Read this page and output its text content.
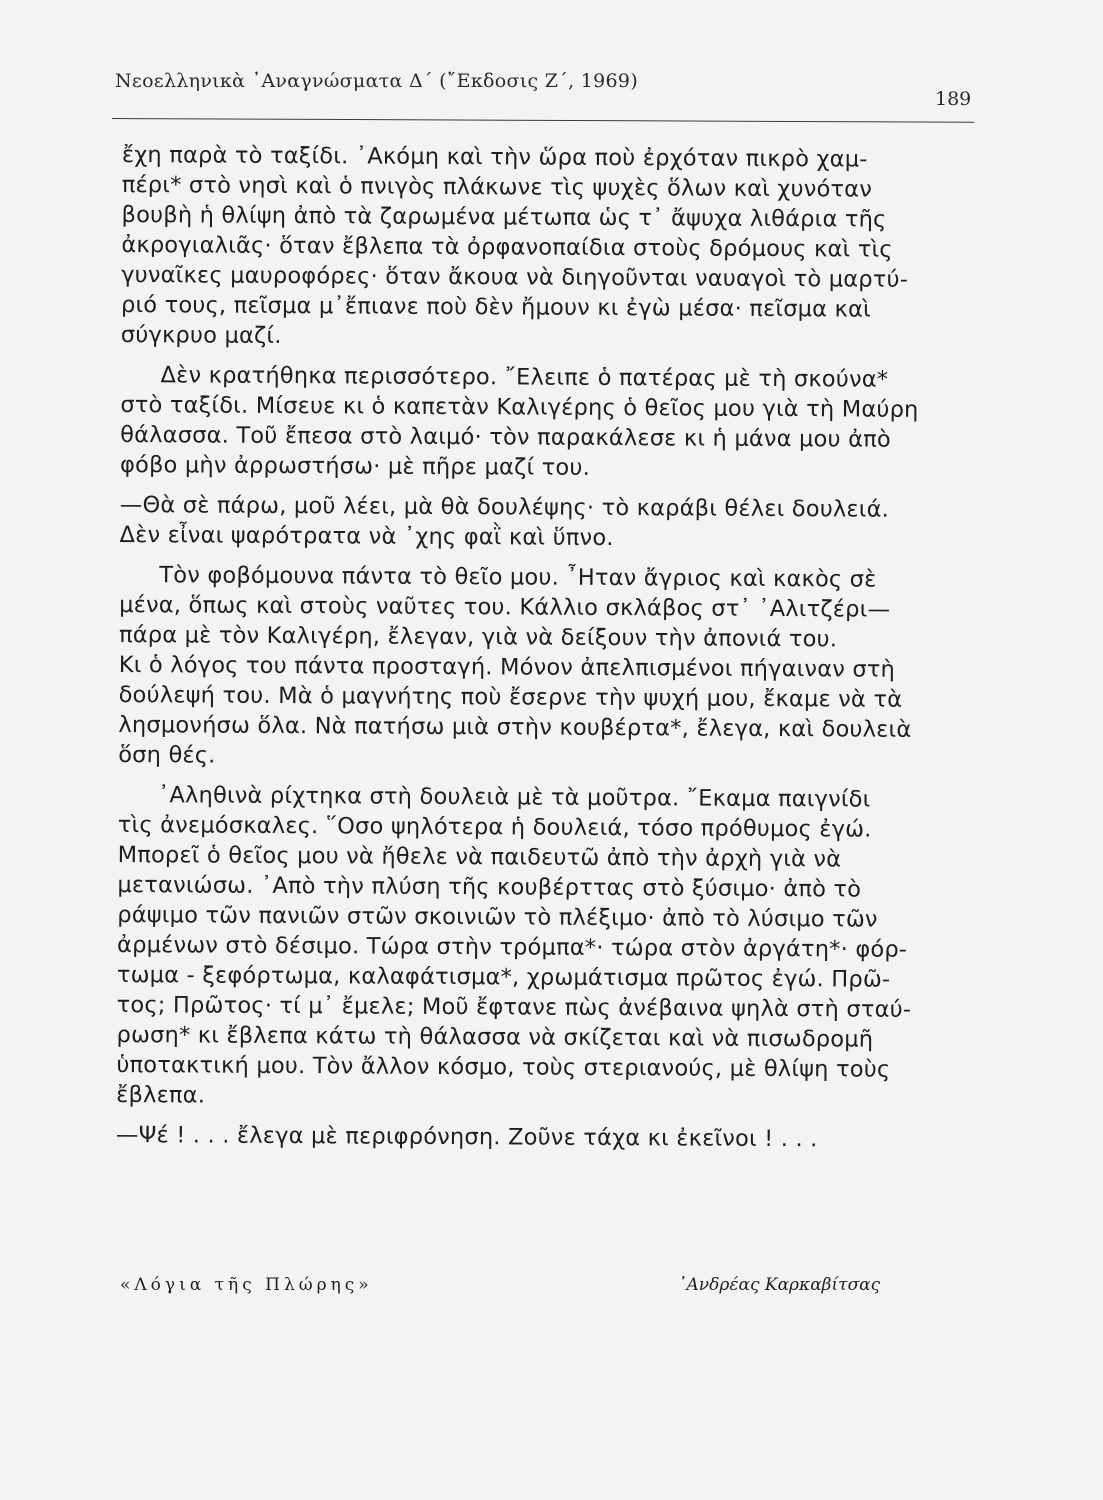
Νεοελληνικὰ ᾽Αναγνώσματα Δ΄ (῎Εκδοσις Ζ΄, 1969)
189
ἔχη παρὰ τὸ ταξίδι. ᾽Ακόμη καὶ τὴν ὥρα ποὺ ἐρχόταν πικρὸ χαμ-
πέρι* στὸ νησὶ καὶ ὁ πνιγὸς πλάκωνε τὶς ψυχὲς ὅλων καὶ χυνόταν
βουβὴ ἡ θλίψη ἀπὸ τὰ ζαρωμένα μέτωπα ὡς τ᾽ ἄψυχα λιθάρια τῆς
ἀκρογιαλιᾶς· ὅταν ἔβλεπα τὰ ὀρφανοπαίδια στοὺς δρόμους καὶ τὶς
γυναῖκες μαυροφόρες· ὅταν ἄκουα νὰ διηγοῦνται ναυαγοὶ τὸ μαρτύ-
ριό τους, πεῖσμα μ᾽ἔπιανε ποὺ δὲν ἤμουν κι ἐγὼ μέσα· πεῖσμα καὶ
σύγκρυο μαζί.
Δὲν κρατήθηκα περισσότερο. ῎Ελειπε ὁ πατέρας μὲ τὴ σκούνα*
στὸ ταξίδι. Μίσευε κι ὁ καπετὰν Καλιγέρης ὁ θεῖος μου γιὰ τὴ Μαύρη
θάλασσα. Τοῦ ἔπεσα στὸ λαιμό· τὸν παρακάλεσε κι ἡ μάνα μου ἀπὸ
φόβο μὴν ἀρρωστήσω· μὲ πῆρε μαζί του.
—Θὰ σὲ πάρω, μοῦ λέει, μὰ θὰ δουλέψης· τὸ καράβι θέλει δουλειά.
Δὲν εἶναι ψαρότρατα νὰ ᾽χης φαῒ καὶ ὕπνο.
Τὸν φοβόμουνα πάντα τὸ θεῖο μου. ῏Ηταν ἄγριος καὶ κακὸς σὲ
μένα, ὅπως καὶ στοὺς ναῦτες του. Κάλλιο σκλάβος στ᾽ ᾽Αλιτζέρι—
πάρα μὲ τὸν Καλιγέρη, ἔλεγαν, γιὰ νὰ δείξουν τὴν ἀπονιά του.
Κι ὁ λόγος του πάντα προσταγή. Μόνον ἀπελπισμένοι πήγαιναν στὴ
δούλεψή του. Μὰ ὁ μαγνήτης ποὺ ἔσερνε τὴν ψυχή μου, ἔκαμε νὰ τὰ
λησμονήσω ὅλα. Νὰ πατήσω μιὰ στὴν κουβέρτα*, ἔλεγα, καὶ δουλειὰ
ὅση θές.
᾽Αληθινὰ ρίχτηκα στὴ δουλειὰ μὲ τὰ μοῦτρα. ῎Εκαμα παιγνίδι
τὶς ἀνεμόσκαλες. ῞Οσο ψηλότερα ἡ δουλειά, τόσο πρόθυμος ἐγώ.
Μπορεῖ ὁ θεῖος μου νὰ ἤθελε νὰ παιδευτῶ ἀπὸ τὴν ἀρχὴ γιὰ νὰ
μετανιώσω. ᾽Απὸ τὴν πλύση τῆς κουβέρττας στὸ ξύσιμο· ἀπὸ τὸ
ράψιμο τῶν πανιῶν στῶν σκοινιῶν τὸ πλέξιμο· ἀπὸ τὸ λύσιμο τῶν
ἀρμένων στὸ δέσιμο. Τώρα στὴν τρόμπα*· τώρα στὸν ἀργάτη*· φόρ-
τωμα - ξεφόρτωμα, καλαφάτισμα*, χρωμάτισμα πρῶτος ἐγώ. Πρῶ-
τος; Πρῶτος· τί μ᾽ ἔμελε; Μοῦ ἔφτανε πὼς ἀνέβαινα ψηλὰ στὴ σταύ-
ρωση* κι ἔβλεπα κάτω τὴ θάλασσα νὰ σκίζεται καὶ νὰ πισωδρομῆ
ὑποτακτική μου. Τὸν ἄλλον κόσμο, τοὺς στεριανούς, μὲ θλίψη τοὺς
ἔβλεπα.
—Ψέ ! . . . ἔλεγα μὲ περιφρόνηση. Ζοῦνε τάχα κι ἐκεῖνοι ! . . .
«Λόγια τῆς Πλώρης»	᾽Ανδρέας Καρκαβίτσας
